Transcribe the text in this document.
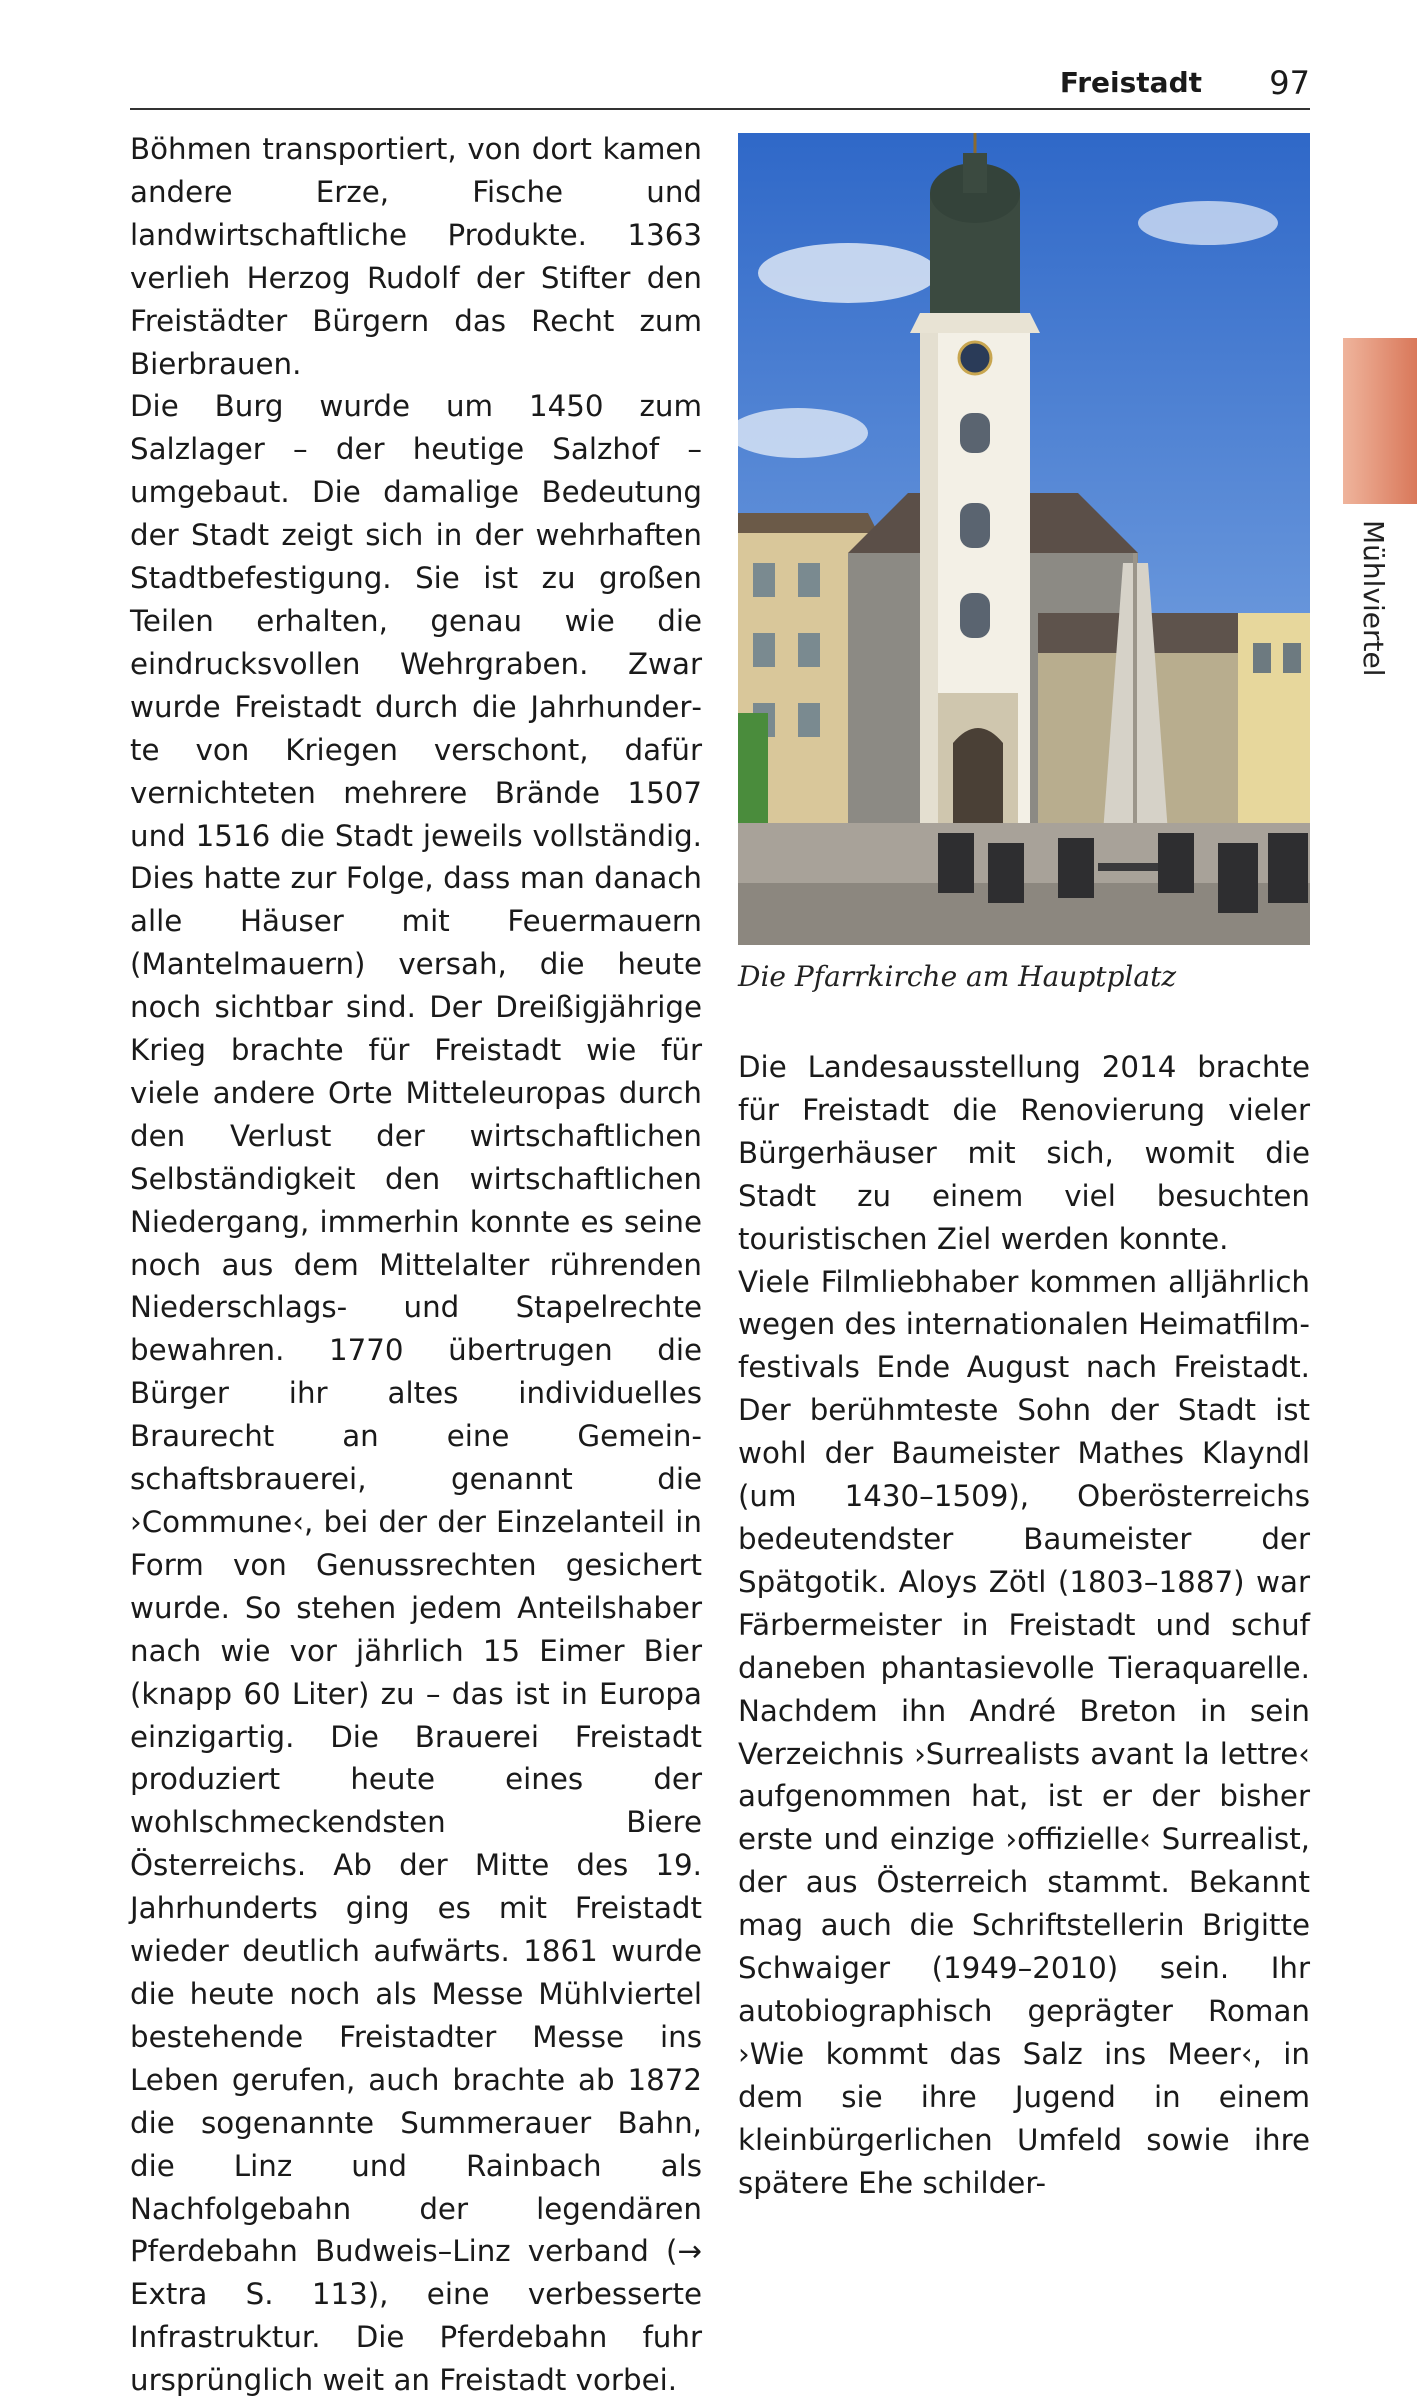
Freistadt 97
Mühlviertel

Böhmen transportiert, von dort kamen andere Erze, Fische und landwirtschaftliche Produkte. 1363 verlieh Herzog Rudolf der Stifter den Freistädter Bürgern das Recht zum Bierbrauen.

Die Burg wurde um 1450 zum Salzlager – der heutige Salzhof – umgebaut. Die damalige Bedeutung der Stadt zeigt sich in der wehrhaften Stadtbefestigung. Sie ist zu großen Teilen erhalten, genau wie die eindrucksvollen Wehrgraben. Zwar wurde Freistadt durch die Jahrhunderte von Kriegen verschont, dafür vernichteten mehrere Brände 1507 und 1516 die Stadt jeweils vollständig. Dies hatte zur Folge, dass man danach alle Häuser mit Feuermauern (Mantelmauern) versah, die heute noch sichtbar sind. Der Dreißigjährige Krieg brachte für Freistadt wie für viele andere Orte Mitteleuropas durch den Verlust der wirtschaftlichen Selbständigkeit den wirtschaftlichen Niedergang, immerhin konnte es seine noch aus dem Mittelalter rührenden Niederschlags- und Stapelrechte bewahren. 1770 übertrugen die Bürger ihr altes individuelles Braurecht an eine Gemeinschaftsbrauerei, genannt die ›Commune‹, bei der der Einzelanteil in Form von Genussrechten gesichert wurde. So stehen jedem Anteilshaber nach wie vor jährlich 15 Eimer Bier (knapp 60 Liter) zu – das ist in Europa einzigartig. Die Brauerei Freistadt produziert heute eines der wohlschmeckendsten Biere Österreichs. Ab der Mitte des 19. Jahrhunderts ging es mit Freistadt wieder deutlich aufwärts. 1861 wurde die heute noch als Messe Mühlviertel bestehende Freistadter Messe ins Leben gerufen, auch brachte ab 1872 die sogenannte Summerauer Bahn, die Linz und Rainbach als Nachfolgebahn der legendären Pferdebahn Budweis–Linz verband (→ Extra S. 113), eine verbesserte Infrastruktur. Die Pferdebahn fuhr ursprünglich weit an Freistadt vorbei.

Die Pfarrkirche am Hauptplatz

Die Landesausstellung 2014 brachte für Freistadt die Renovierung vieler Bürgerhäuser mit sich, womit die Stadt zu einem viel besuchten touristischen Ziel werden konnte.

Viele Filmliebhaber kommen alljährlich wegen des internationalen Heimatfilmfestivals Ende August nach Freistadt. Der berühmteste Sohn der Stadt ist wohl der Baumeister Mathes Klayndl (um 1430–1509), Oberösterreichs bedeutendster Baumeister der Spätgotik. Aloys Zötl (1803–1887) war Färbermeister in Freistadt und schuf daneben phantasievolle Tieraquarelle. Nachdem ihn André Breton in sein Verzeichnis ›Surrealists avant la lettre‹ aufgenommen hat, ist er der bisher erste und einzige ›offizielle‹ Surrealist, der aus Österreich stammt. Bekannt mag auch die Schriftstellerin Brigitte Schwaiger (1949–2010) sein. Ihr autobiographisch geprägter Roman ›Wie kommt das Salz ins Meer‹, in dem sie ihre Jugend in einem kleinbürgerlichen Umfeld sowie ihre spätere Ehe schilder-
